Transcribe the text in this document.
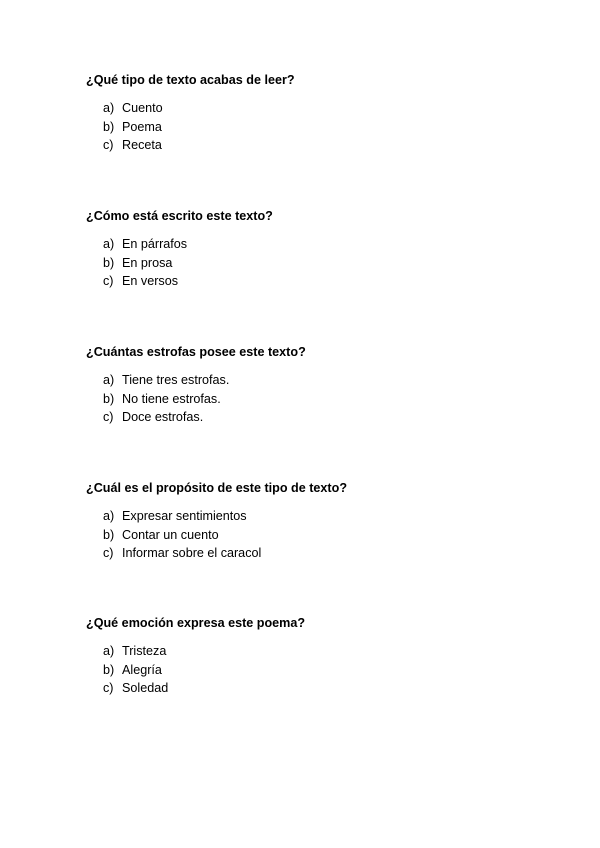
¿Qué tipo de texto acabas de leer?
a) Cuento
b) Poema
c) Receta
¿Cómo está escrito este texto?
a) En párrafos
b) En prosa
c) En versos
¿Cuántas estrofas posee este texto?
a) Tiene tres estrofas.
b) No tiene estrofas.
c) Doce estrofas.
¿Cuál es el propósito de este tipo de texto?
a) Expresar sentimientos
b) Contar un cuento
c) Informar sobre el caracol
¿Qué emoción expresa este poema?
a) Tristeza
b) Alegría
c) Soledad
